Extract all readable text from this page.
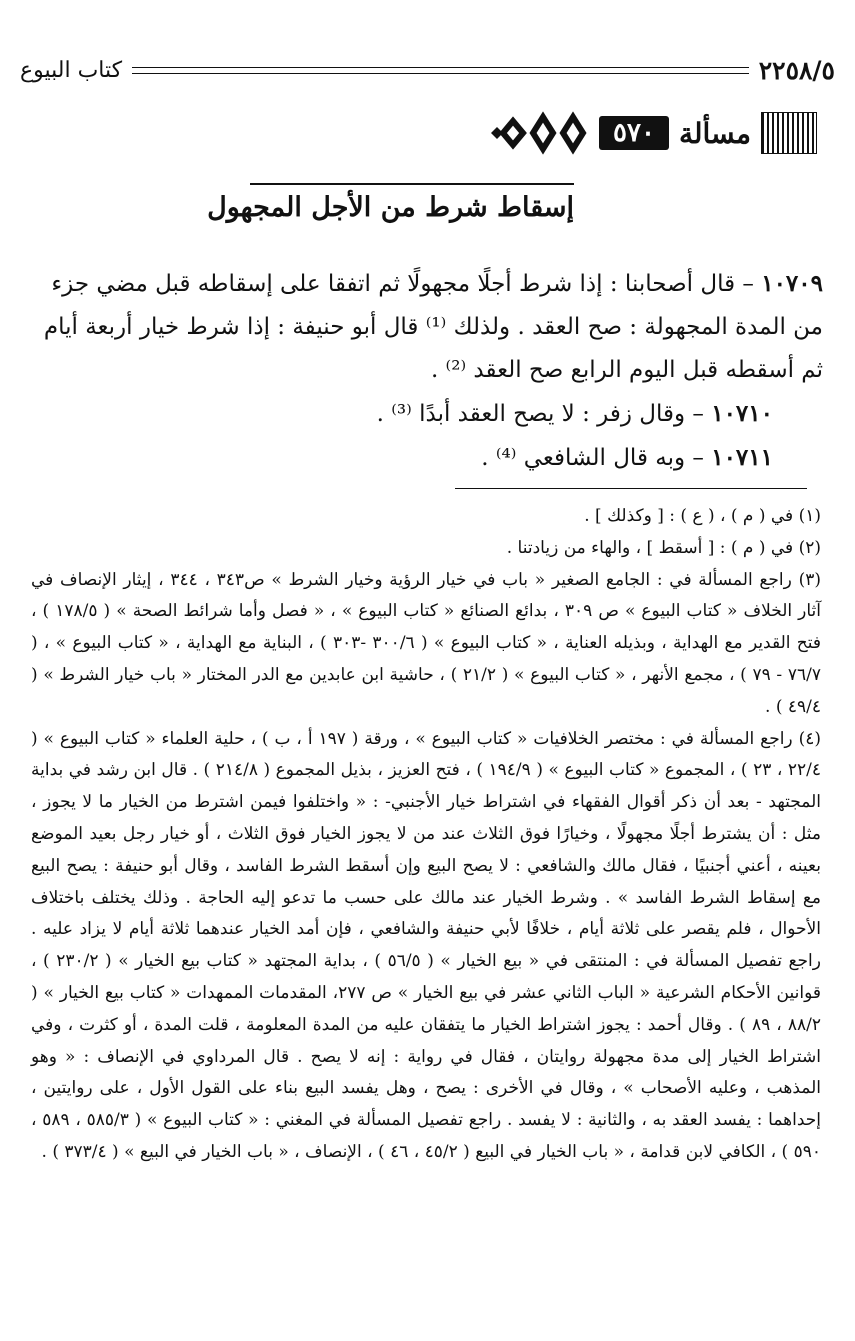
٢٢٥٨/٥
كتاب البيوع
مسألة
٥٧٠
إسقاط شرط من الأجل المجهول

١٠٧٠٩ – قال أصحابنا : إذا شرط أجلًا مجهولًا ثم اتفقا على إسقاطه قبل مضي جزء من المدة المجهولة : صح العقد . ولذلك ⁽¹⁾ قال أبو حنيفة : إذا شرط خيار أربعة أيام ثم أسقطه قبل اليوم الرابع صح العقد ⁽²⁾ .

١٠٧١٠ – وقال زفر : لا يصح العقد أبدًا ⁽³⁾ .

١٠٧١١ – وبه قال الشافعي ⁽⁴⁾ .

(١) في ( م ) ، ( ع ) : [ وكذلك ] .

(٢) في ( م ) : [ أسقط ] ، والهاء من زيادتنا .

(٣) راجع المسألة في : الجامع الصغير « باب في خيار الرؤية وخيار الشرط » ص٣٤٣ ، ٣٤٤ ، إيثار الإنصاف في آثار الخلاف « كتاب البيوع » ص ٣٠٩ ، بدائع الصنائع « كتاب البيوع » ، « فصل وأما شرائط الصحة » ( ١٧٨/٥ ) ، فتح القدير مع الهداية ، وبذيله العناية ، « كتاب البيوع » ( ٣٠٠/٦ -٣٠٣ ) ، البناية مع الهداية ، « كتاب البيوع » ، ( ٧٦/٧ - ٧٩ ) ، مجمع الأنهر ، « كتاب البيوع » ( ٢١/٢ ) ، حاشية ابن عابدين مع الدر المختار « باب خيار الشرط » ( ٤٩/٤ ) .

(٤) راجع المسألة في : مختصر الخلافيات « كتاب البيوع » ، ورقة ( ١٩٧ أ ، ب ) ، حلية العلماء « كتاب البيوع » ( ٢٢/٤ ، ٢٣ ) ، المجموع « كتاب البيوع » ( ١٩٤/٩ ) ، فتح العزيز ، بذيل المجموع ( ٢١٤/٨ ) . قال ابن رشد في بداية المجتهد - بعد أن ذكر أقوال الفقهاء في اشتراط خيار الأجنبي- : « واختلفوا فيمن اشترط من الخيار ما لا يجوز ، مثل : أن يشترط أجلًا مجهولًا ، وخيارًا فوق الثلاث عند من لا يجوز الخيار فوق الثلاث ، أو خيار رجل بعيد الموضع بعينه ، أعني أجنبيًا ، فقال مالك والشافعي : لا يصح البيع وإن أسقط الشرط الفاسد ، وقال أبو حنيفة : يصح البيع مع إسقاط الشرط الفاسد » . وشرط الخيار عند مالك على حسب ما تدعو إليه الحاجة . وذلك يختلف باختلاف الأحوال ، فلم يقصر على ثلاثة أيام ، خلافًا لأبي حنيفة والشافعي ، فإن أمد الخيار عندهما ثلاثة أيام لا يزاد عليه . راجع تفصيل المسألة في : المنتقى في « بيع الخيار » ( ٥٦/٥ ) ، بداية المجتهد « كتاب بيع الخيار » ( ٢٣٠/٢ ) ، قوانين الأحكام الشرعية « الباب الثاني عشر في بيع الخيار » ص ٢٧٧، المقدمات الممهدات « كتاب بيع الخيار » ( ٨٨/٢ ، ٨٩ ) . وقال أحمد : يجوز اشتراط الخيار ما يتفقان عليه من المدة المعلومة ، قلت المدة ، أو كثرت ، وفي اشتراط الخيار إلى مدة مجهولة روايتان ، فقال في رواية : إنه لا يصح . قال المرداوي في الإنصاف : « وهو المذهب ، وعليه الأصحاب » ، وقال في الأخرى : يصح ، وهل يفسد البيع بناء على القول الأول ، على روايتين ، إحداهما : يفسد العقد به ، والثانية : لا يفسد . راجع تفصيل المسألة في المغني : « كتاب البيوع » ( ٥٨٥/٣ ، ٥٨٩ ، ٥٩٠ ) ، الكافي لابن قدامة ، « باب الخيار في البيع ( ٤٥/٢ ، ٤٦ ) ، الإنصاف ، « باب الخيار في البيع » ( ٣٧٣/٤ ) .
